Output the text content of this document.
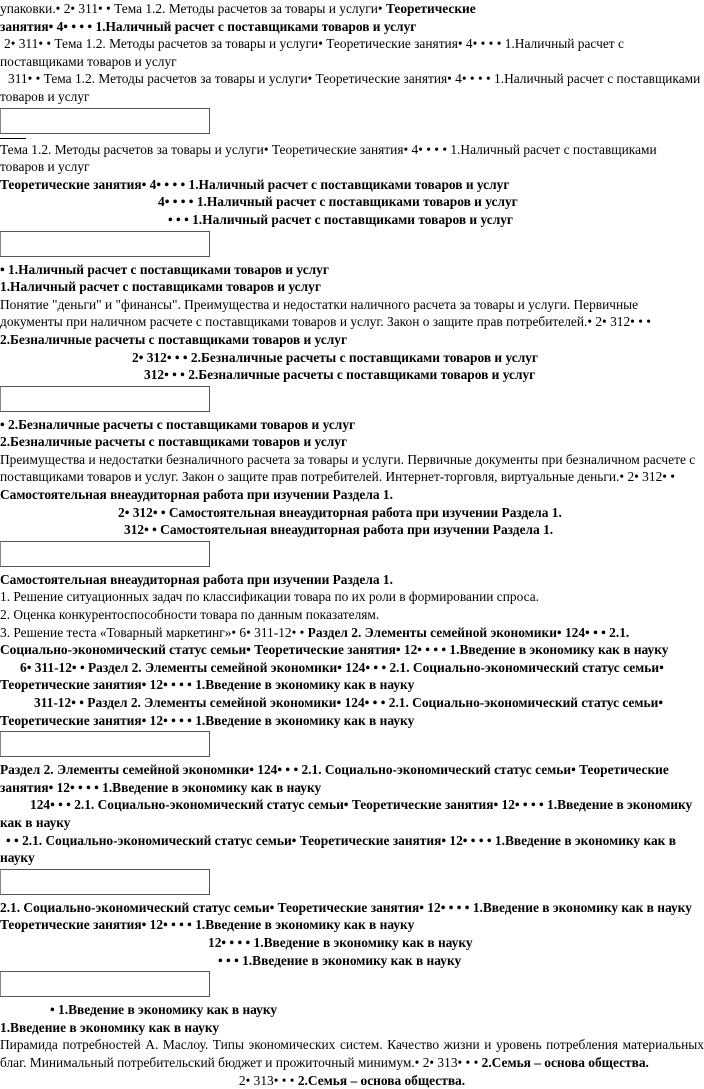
упаковки.• 2• 311• • Тема 1.2. Методы расчетов за товары и услуги• Теоретические
занятия• 4• • • • 1.Наличный расчет с поставщиками товаров и услуг
2• 311• • Тема 1.2. Методы расчетов за товары и услуги• Теоретические занятия• 4• • • • 1.Наличный расчет с поставщиками товаров и услуг
311• • Тема 1.2. Методы расчетов за товары и услуги• Теоретические занятия• 4• • • • 1.Наличный расчет с поставщиками товаров и услуг
Тема 1.2. Методы расчетов за товары и услуги• Теоретические занятия• 4• • • • 1.Наличный расчет с поставщиками товаров и услуг
Теоретические занятия• 4• • • • 1.Наличный расчет с поставщиками товаров и услуг
4• • • • 1.Наличный расчет с поставщиками товаров и услуг
• • • 1.Наличный расчет с поставщиками товаров и услуг
• 1.Наличный расчет с поставщиками товаров и услуг
1.Наличный расчет с поставщиками товаров и услуг
Понятие "деньги" и "финансы". Преимущества и недостатки наличного расчета за товары и услуги. Первичные документы при наличном расчете с поставщиками товаров и услуг. Закон о защите прав потребителей.• 2• 312• • • 2.Безналичные расчеты с поставщиками товаров и услуг
2• 312• • • 2.Безналичные расчеты с поставщиками товаров и услуг
312• • • 2.Безналичные расчеты с поставщиками товаров и услуг
• 2.Безналичные расчеты с поставщиками товаров и услуг
2.Безналичные расчеты с поставщиками товаров и услуг
Преимущества и недостатки безналичного расчета за товары и услуги. Первичные документы при безналичном расчете с поставщиками товаров и услуг. Закон о защите прав потребителей. Интернет-торговля, виртуальные деньги.• 2• 312• • Самостоятельная внеаудиторная работа при изучении Раздела 1.
2• 312• • Самостоятельная внеаудиторная работа при изучении Раздела 1.
312• • Самостоятельная внеаудиторная работа при изучении Раздела 1.
Самостоятельная внеаудиторная работа при изучении Раздела 1.
1. Решение ситуационных задач по классификации товара по их роли в формировании спроса.
2. Оценка конкурентоспособности товара по данным показателям.
3. Решение теста «Товарный маркетинг»• 6• 311-12• • Раздел 2. Элементы семейной экономики• 124• • • 2.1. Социально-экономический статус семьи• Теоретические занятия• 12• • • • 1.Введение в экономику как в науку
6• 311-12• • Раздел 2. Элементы семейной экономики• 124• • • 2.1. Социально-экономический статус семьи• Теоретические занятия• 12• • • • 1.Введение в экономику как в науку
311-12• • Раздел 2. Элементы семейной экономики• 124• • • 2.1. Социально-экономический статус семьи• Теоретические занятия• 12• • • • 1.Введение в экономику как в науку
Раздел 2. Элементы семейной экономики• 124• • • 2.1. Социально-экономический статус семьи• Теоретические занятия• 12• • • • 1.Введение в экономику как в науку
124• • • 2.1. Социально-экономический статус семьи• Теоретические занятия• 12• • • • 1.Введение в экономику как в науку
• • 2.1. Социально-экономический статус семьи• Теоретические занятия• 12• • • • 1.Введение в экономику как в науку
2.1. Социально-экономический статус семьи• Теоретические занятия• 12• • • • 1.Введение в экономику как в науку
Теоретические занятия• 12• • • • 1.Введение в экономику как в науку
12• • • • 1.Введение в экономику как в науку
• • • 1.Введение в экономику как в науку
• 1.Введение в экономику как в науку
1.Введение в экономику как в науку
Пирамида потребностей А. Маслоу. Типы экономических систем. Качество жизни и уровень потребления материальных благ. Минимальный потребительский бюджет и прожиточный минимум.• 2• 313• • • 2.Семья – основа общества.
2• 313• • • 2.Семья – основа общества.
